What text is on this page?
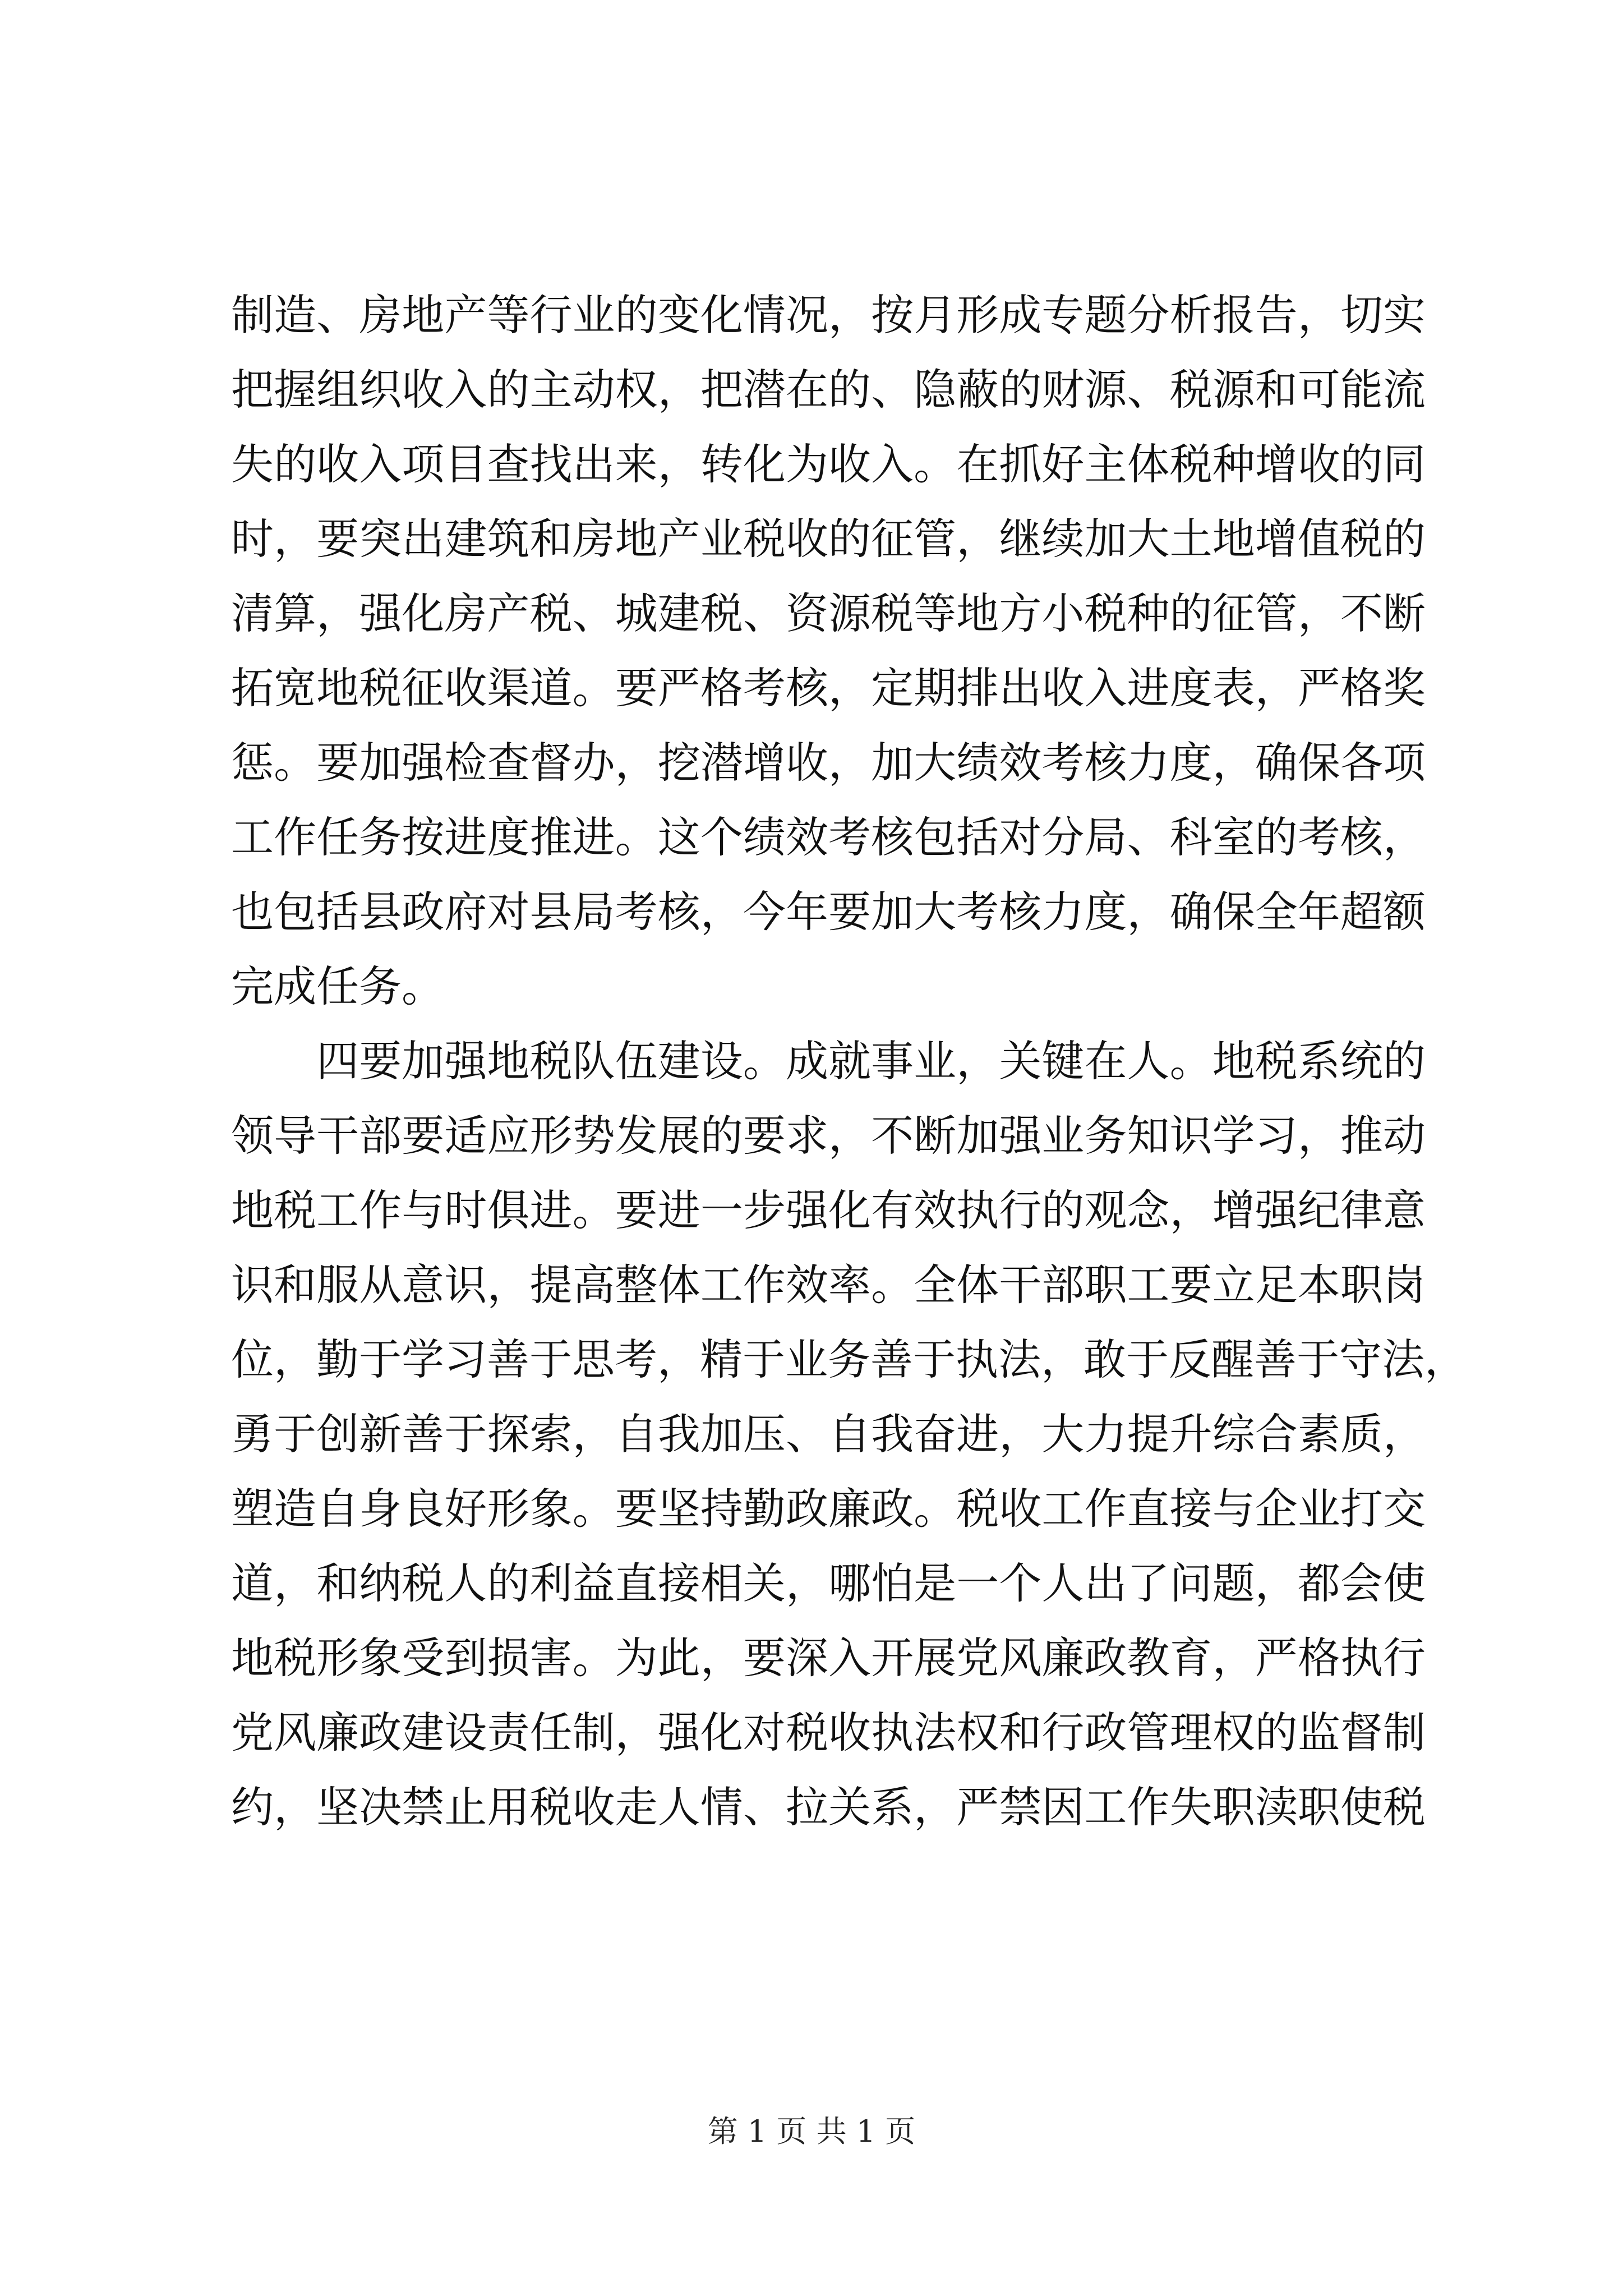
制造、房地产等行业的变化情况，按月形成专题分析报告，切实
把握组织收入的主动权，把潜在的、隐蔽的财源、税源和可能流
失的收入项目查找出来，转化为收入。在抓好主体税种增收的同
时，要突出建筑和房地产业税收的征管，继续加大土地增值税的
清算，强化房产税、城建税、资源税等地方小税种的征管，不断
拓宽地税征收渠道。要严格考核，定期排出收入进度表，严格奖
惩。要加强检查督办，挖潜增收，加大绩效考核力度，确保各项
工作任务按进度推进。这个绩效考核包括对分局、科室的考核，
也包括县政府对县局考核，今年要加大考核力度，确保全年超额
完成任务。
　　四要加强地税队伍建设。成就事业，关键在人。地税系统的
领导干部要适应形势发展的要求，不断加强业务知识学习，推动
地税工作与时俱进。要进一步强化有效执行的观念，增强纪律意
识和服从意识，提高整体工作效率。全体干部职工要立足本职岗
位，勤于学习善于思考，精于业务善于执法，敢于反醒善于守法，
勇于创新善于探索，自我加压、自我奋进，大力提升综合素质，
塑造自身良好形象。要坚持勤政廉政。税收工作直接与企业打交
道，和纳税人的利益直接相关，哪怕是一个人出了问题，都会使
地税形象受到损害。为此，要深入开展党风廉政教育，严格执行
党风廉政建设责任制，强化对税收执法权和行政管理权的监督制
约，坚决禁止用税收走人情、拉关系，严禁因工作失职渎职使税
第 1 页 共 1 页
